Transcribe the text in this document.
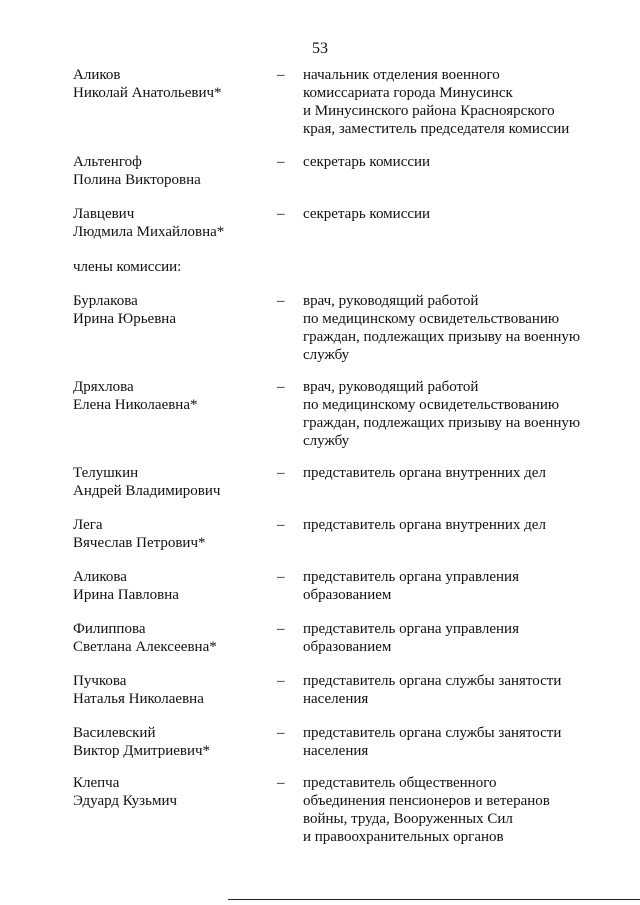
53
Аликов
Николай Анатольевич*
– начальник отделения военного
комиссариата города Минусинск
и Минусинского района Красноярского
края, заместитель председателя комиссии
Альтенгоф
Полина Викторовна
– секретарь комиссии
Лавцевич
Людмила Михайловна*
– секретарь комиссии
члены комиссии:
Бурлакова
Ирина Юрьевна
– врач, руководящий работой
по медицинскому освидетельствованию
граждан, подлежащих призыву на военную
службу
Дряхлова
Елена Николаевна*
– врач, руководящий работой
по медицинскому освидетельствованию
граждан, подлежащих призыву на военную
службу
Телушкин
Андрей Владимирович
– представитель органа внутренних дел
Лега
Вячеслав Петрович*
– представитель органа внутренних дел
Аликова
Ирина Павловна
– представитель органа управления
образованием
Филиппова
Светлана Алексеевна*
– представитель органа управления
образованием
Пучкова
Наталья Николаевна
– представитель органа службы занятости
населения
Василевский
Виктор Дмитриевич*
– представитель органа службы занятости
населения
Клепча
Эдуард Кузьмич
– представитель общественного
объединения пенсионеров и ветеранов
войны, труда, Вооруженных Сил
и правоохранительных органов
